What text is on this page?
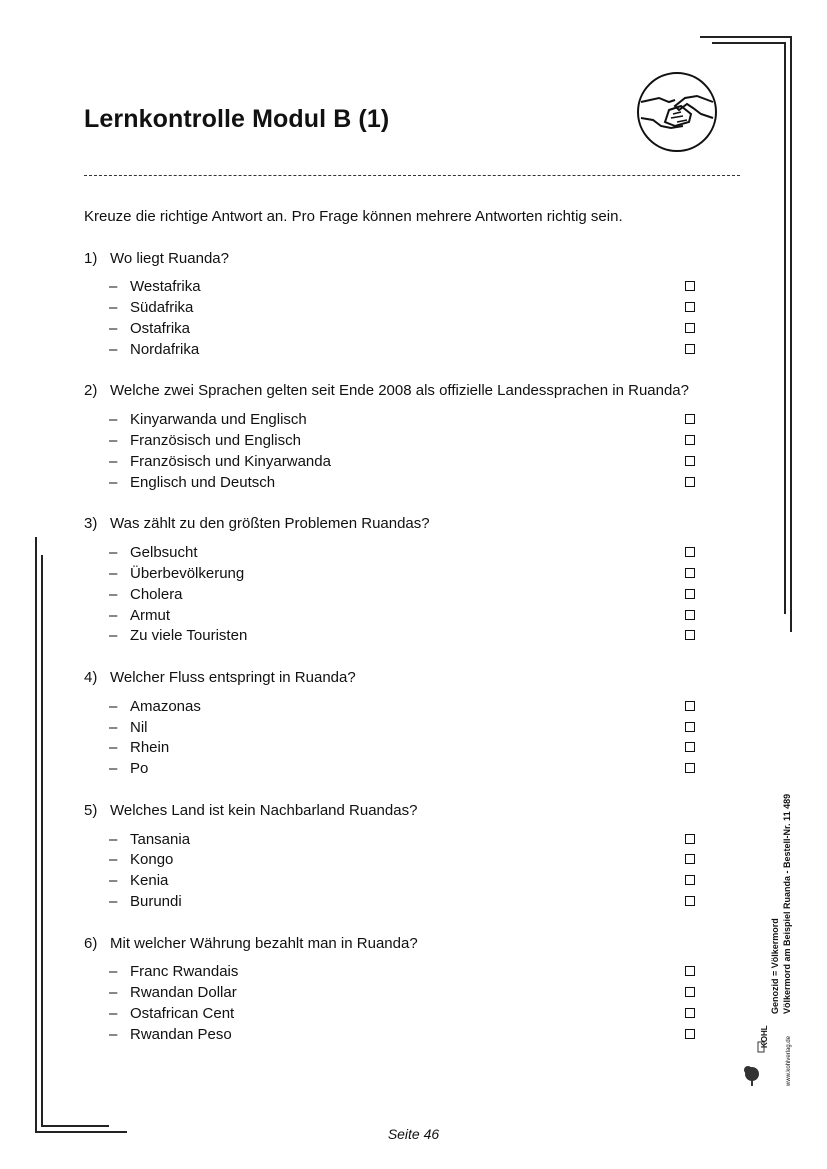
Lernkontrolle Modul B (1)
Kreuze die richtige Antwort an. Pro Frage können mehrere Antworten richtig sein.
1) Wo liegt Ruanda?
– Westafrika
– Südafrika
– Ostafrika
– Nordafrika
2) Welche zwei Sprachen gelten seit Ende 2008 als offizielle Landessprachen in Ruanda?
– Kinyarwanda und Englisch
– Französisch und Englisch
– Französisch und Kinyarwanda
– Englisch und Deutsch
3) Was zählt zu den größten Problemen Ruandas?
– Gelbsucht
– Überbevölkerung
– Cholera
– Armut
– Zu viele Touristen
4) Welcher Fluss entspringt in Ruanda?
– Amazonas
– Nil
– Rhein
– Po
5) Welches Land ist kein Nachbarland Ruandas?
– Tansania
– Kongo
– Kenia
– Burundi
6) Mit welcher Währung bezahlt man in Ruanda?
– Franc Rwandais
– Rwandan Dollar
– Ostafrican Cent
– Rwandan Peso
Genozid = Völkermord Völkermord am Beispiel Ruanda - Bestell-Nr. 11 489
KOHL	www.kohlverlag.de
Seite 46
